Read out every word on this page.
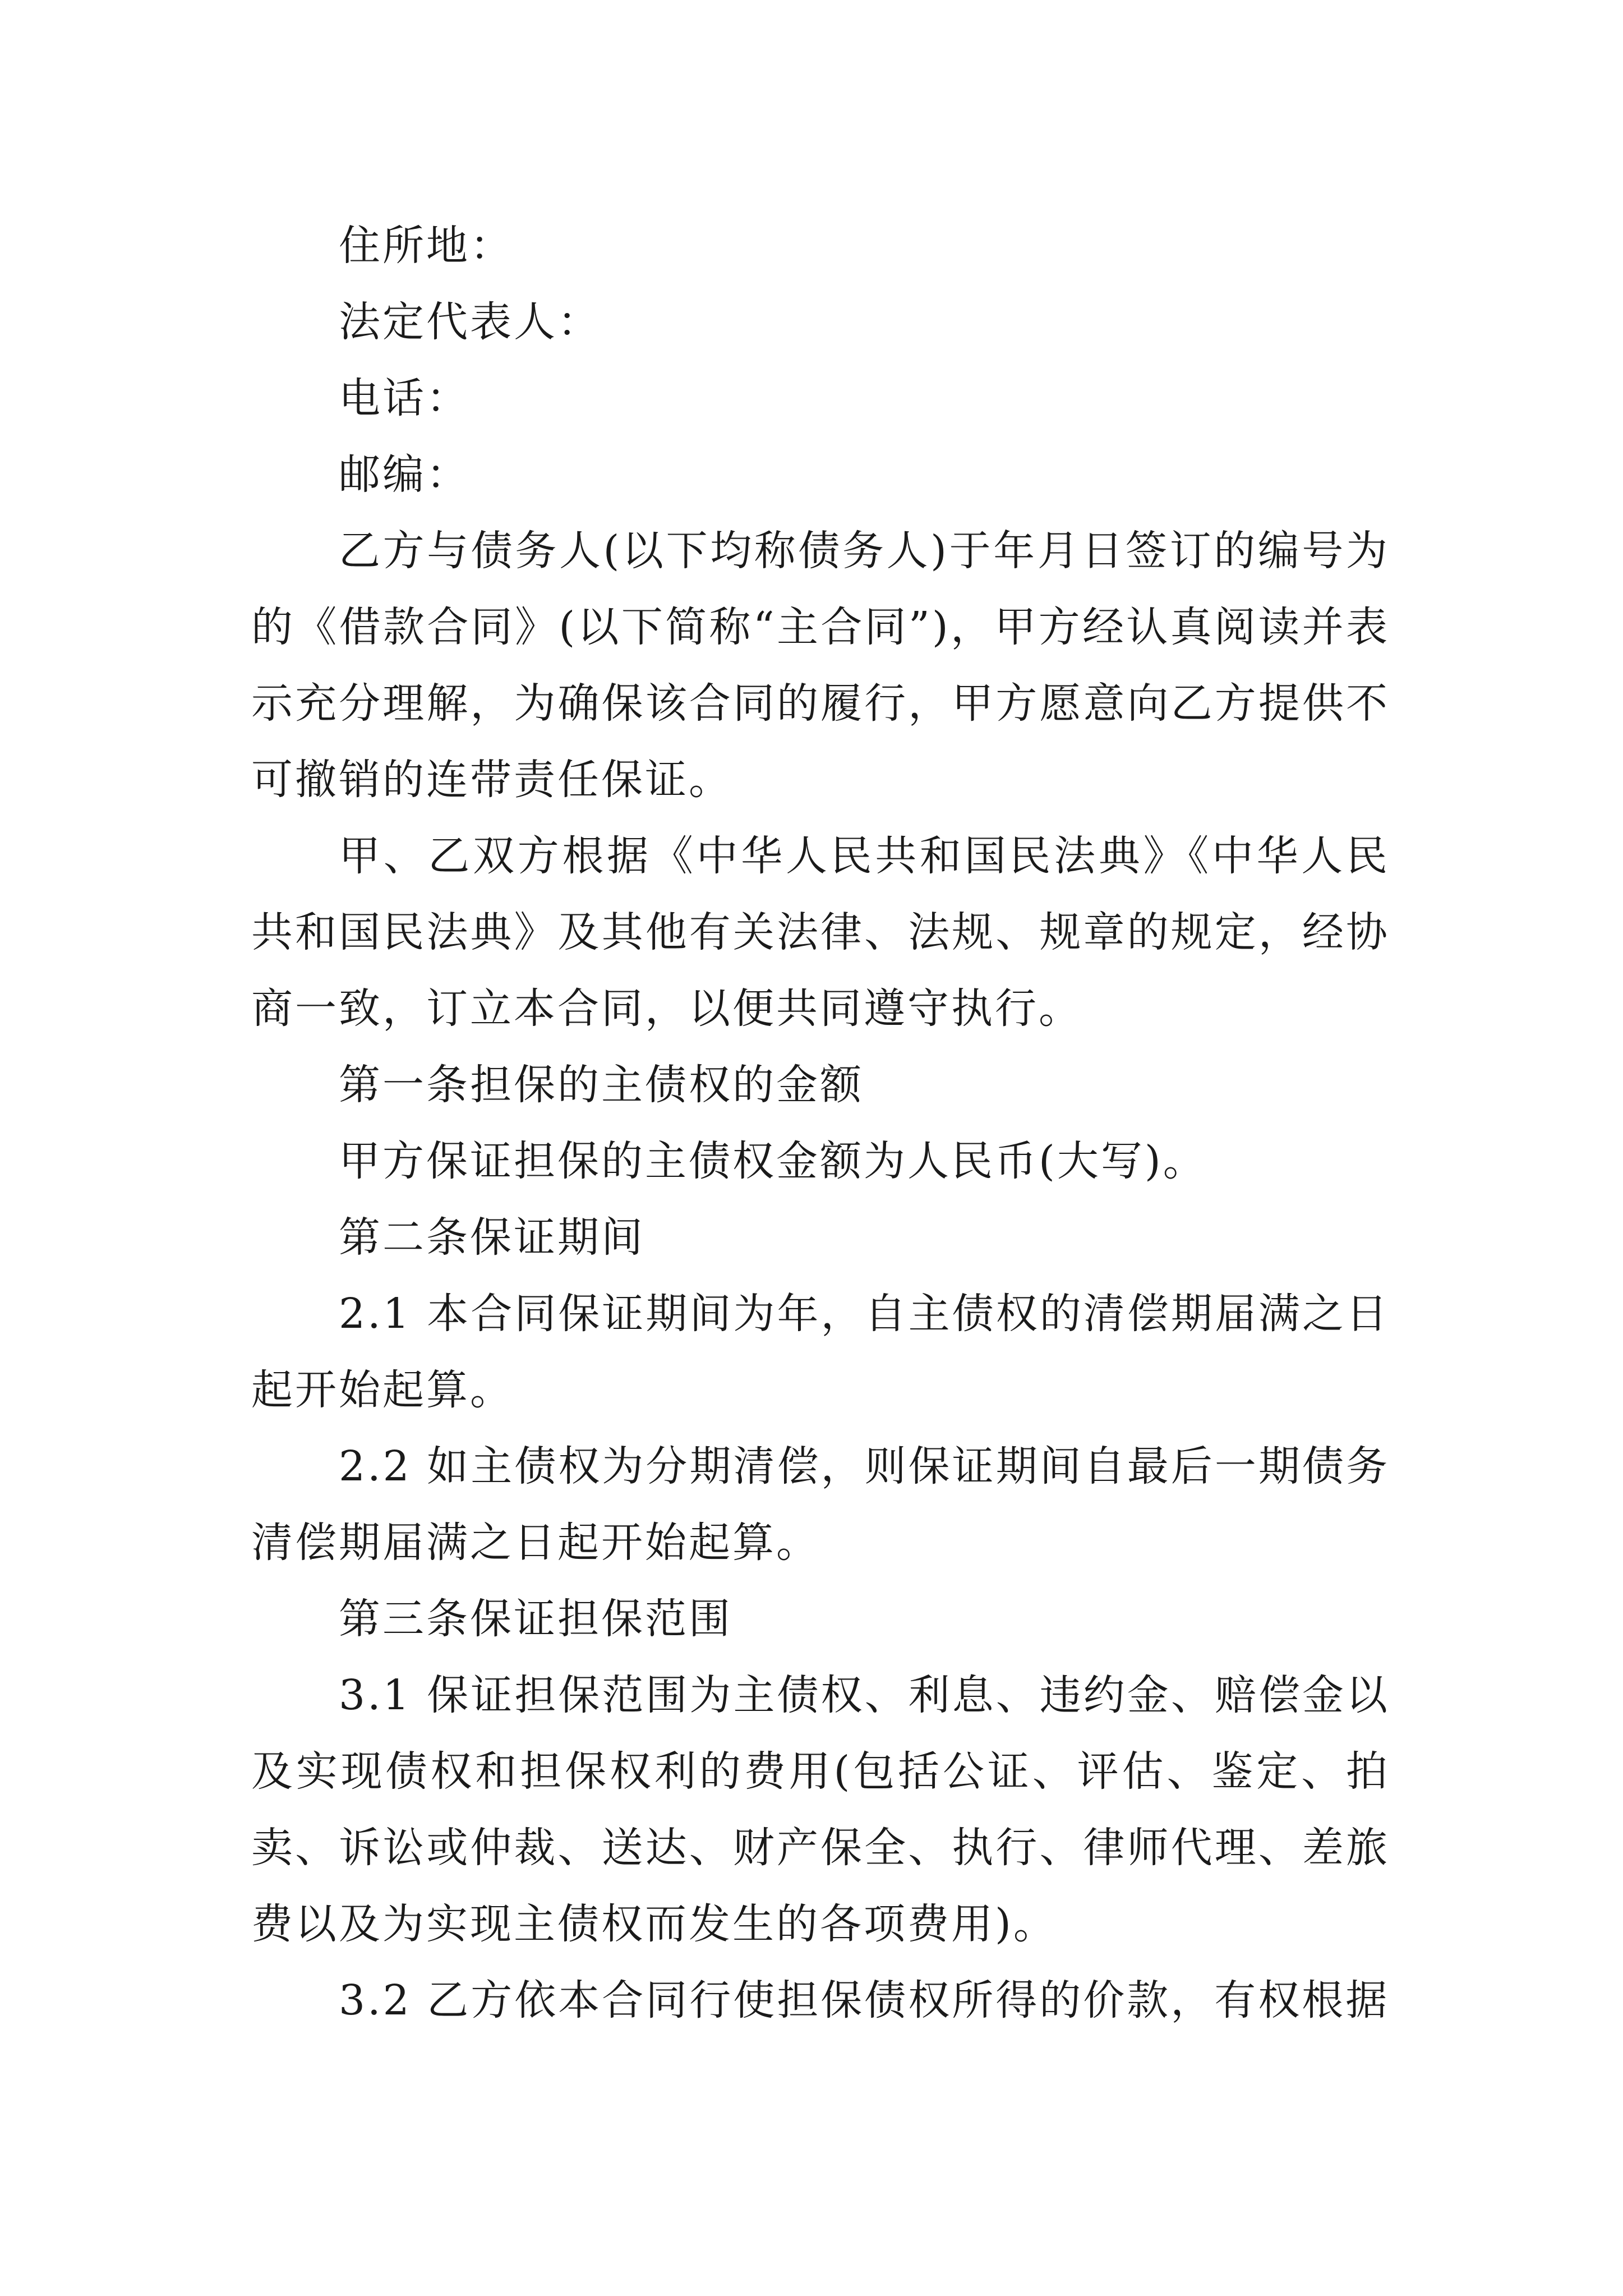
住所地：

法定代表人：

电话：

邮编：

乙方与债务人(以下均称债务人)于年月日签订的编号为的《借款合同》(以下简称“主合同”)，甲方经认真阅读并表示充分理解，为确保该合同的履行，甲方愿意向乙方提供不可撤销的连带责任保证。

甲、乙双方根据《中华人民共和国民法典》《中华人民共和国民法典》及其他有关法律、法规、规章的规定，经协商一致，订立本合同，以便共同遵守执行。

第一条担保的主债权的金额

甲方保证担保的主债权金额为人民币(大写)。

第二条保证期间

2.1 本合同保证期间为年，自主债权的清偿期届满之日起开始起算。

2.2 如主债权为分期清偿，则保证期间自最后一期债务清偿期届满之日起开始起算。

第三条保证担保范围

3.1 保证担保范围为主债权、利息、违约金、赔偿金以及实现债权和担保权利的费用(包括公证、评估、鉴定、拍卖、诉讼或仲裁、送达、财产保全、执行、律师代理、差旅费以及为实现主债权而发生的各项费用)。

3.2 乙方依本合同行使担保债权所得的价款，有权根据
